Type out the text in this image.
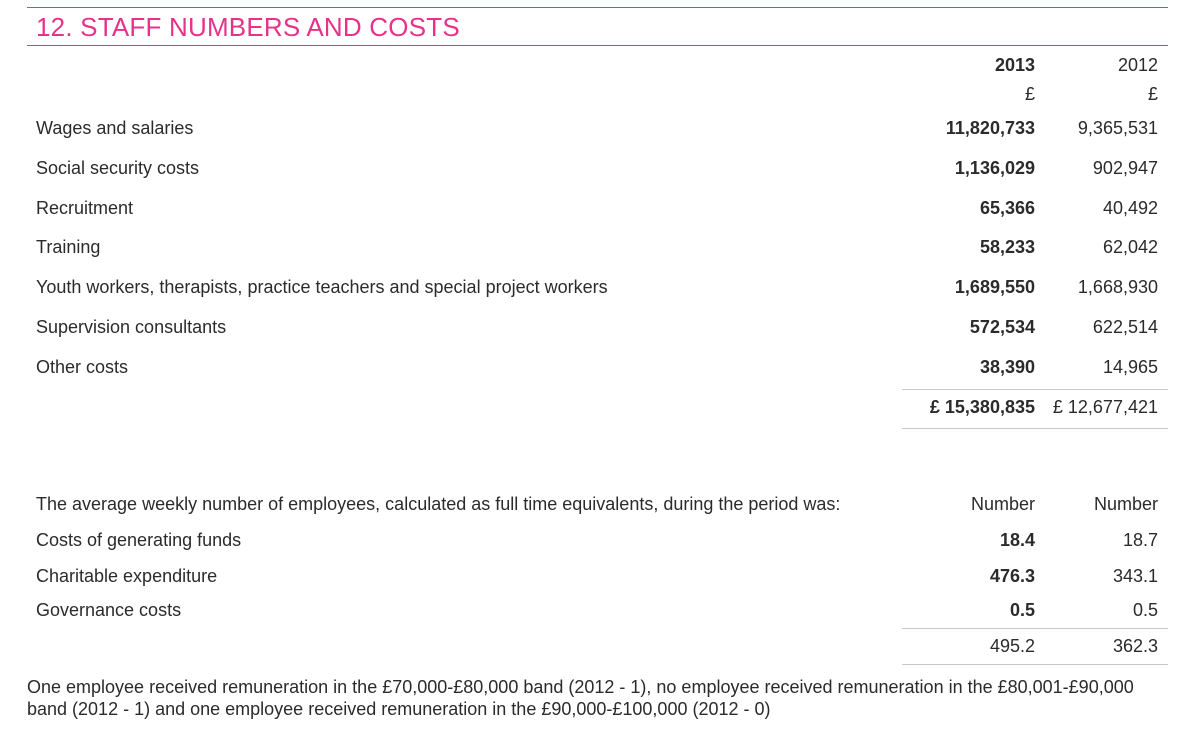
12. STAFF NUMBERS AND COSTS
2013	2012
£	£
Wages and salaries	11,820,733 9,365,531
Social security costs	1,136,029	902,947
Recruitment	65,366	40,492
Training	58,233	62,042
Youth workers, therapists, practice teachers and special project workers	1,689,550 1,668,930
Supervision consultants	572,534	622,514
Other costs	38,390	14,965
£ 15,380,835 £ 12,677,421
The average weekly number of employees, calculated as full time equivalents, during the period was:	Number	Number
Costs of generating funds	18.4	18.7
Charitable expenditure	476.3	343.1
Governance costs	0.5	0.5
495.2	362.3
One employee received remuneration in the £70,000-£80,000 band (2012 - 1), no employee received remuneration in the £80,001-£90,000 band (2012 - 1) and one employee received remuneration in the £90,000-£100,000 (2012 - 0)
